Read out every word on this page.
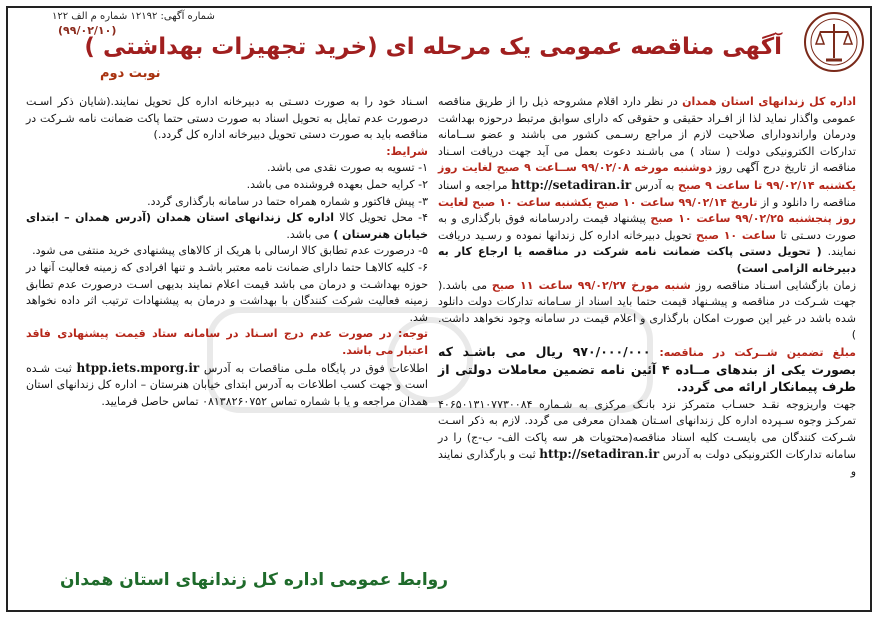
شماره آگهی: ۱۲۱۹۲ شماره م الف ۱۲۲
(۹۹/۰۲/۱۰)
نوبت دوم
آگهی مناقصه عمومی یک مرحله ای (خرید تجهیزات بهداشتی )

اداره کل زندانهای استان همدان در نظر دارد اقلام مشروحه ذیل را از طریق مناقصه عمومی واگذار نماید لذا از افـراد حقیقی و حقوقی که دارای سوابق مرتبط درحوزه بهداشت ودرمان واراندودارای صلاحیت لازم از مراجع رسـمی کشور می باشند و عضو ســامانه تدارکات الکترونیکی دولت ( ستاد ) می باشـند دعوت بعمل می آید جهت دریافت اسـناد مناقصه از تاریخ درج آگهی روز دوشنبه مورخه ۹۹/۰۲/۰۸ ســاعت ۹ صبح لغایت روز یکشنبه ۹۹/۰۲/۱۴ تا ساعت ۹ صبح به آدرس http://setadiran.ir مراجعه و اسناد مناقصه را دانلود و از تاریخ ۹۹/۰۲/۱۴ ساعت ۱۰ صبح یکشنبه ساعت ۱۰ صبح لغایت روز پنجشنبه ۹۹/۰۲/۲۵ ساعت ۱۰ صبح پیشنهاد قیمت رادرسامانه فوق بارگذاری و به صورت دسـتی تا ساعت ۱۰ صبح تحویل دبیرخانه اداره کل زندانها نموده و رسـید دریافت نمایند. ( تحویل دستی پاکت ضمانت نامه شرکت در مناقصه یا ارجاع کار به دبیرخانه الزامی است)

زمان بازگشایی اسـناد مناقصه روز شنبه مورخ ۹۹/۰۲/۲۷ ساعت ۱۱ صبح می باشد.( جهت شـرکت در مناقصه و پیشـنهاد قیمت حتما باید اسناد از سـامانه تدارکات دولت دانلود شده باشد در غیر این صورت امکان بارگذاری و اعلام قیمت در سامانه وجود نخواهد داشت. )

مبلغ تضمین شــرکت در مناقصه: ۹۷۰/۰۰۰/۰۰۰ ریال می باشـد که بصورت یکی از بندهای مــاده ۴ آئین نامه تضمین معاملات دولتی از طرف پیمانکار ارائه می گردد.

جهت واریزوجه نقـد حسـاب متمرکز نزد بانـک مرکزی به شـماره ۴۰۶۵۰۱۳۱۰۷۷۳۰۰۸۴ تمرکـز وجوه سـپرده اداره کل زندانهای اسـتان همدان معرفی می گردد. لازم به ذکر اسـت شـرکت کنندگان می بایسـت کلیه اسناد مناقصه(محتویات هر سه پاکت الف- ب-ج) را در سامانه تدارکات الکترونیکی دولت به آدرس http://setadiran.ir ثبت و بارگذاری نمایند و

اسـناد خود را به صورت دسـتی به دبیرخانه اداره کل تحویل نمایند.(شایان ذکر اسـت درصورت عدم تمایل به تحویل اسناد به صورت دستی حتما پاکت ضمانت نامه شـرکت در مناقصه باید به صورت دستی تحویل دبیرخانه اداره کل گردد.)

شرایط:

۱- تسویه به صورت نقدی می باشد.
۲- کرایه حمل بعهده فروشنده می باشد.
۳- پیش فاکتور و شماره همراه حتما در سامانه بارگذاری گردد.
۴- محل تحویل کالا اداره کل زندانهای استان همدان (آدرس همدان – ابتدای خیابان هنرستان ) می باشد.
۵- درصورت عدم تطابق کالا ارسالی با هریک از کالاهای پیشنهادی خرید منتفی می شود.
۶- کلیه کالاهـا حتما دارای ضمانت نامه معتبر باشـد و تنها افرادی که زمینه فعالیت آنها در حوزه بهداشـت و درمان می باشد قیمت اعلام نمایند بدیهی اسـت درصورت عدم تطابق زمینه فعالیت شرکت کنندگان با بهداشت و درمان به پیشنهادات ترتیب اثر داده نخواهد شد.

توجه: در صورت عدم درج اسـناد در سامانه ستاد قیمت پیشنهادی فاقد اعتبار می باشد.

اطلاعات فوق در پایگاه ملـی مناقصات به آدرس htpp.iets.mporg.ir ثبت شـده است و جهت کسب اطلاعات به آدرس ابتدای خیابان هنرستان – اداره کل زندانهای استان همدان مراجعه و یا با شماره تماس ۰۸۱۳۸۲۶۰۷۵۲ تماس حاصل فرمایید.

روابط عمومی اداره کل زندانهای استان همدان
